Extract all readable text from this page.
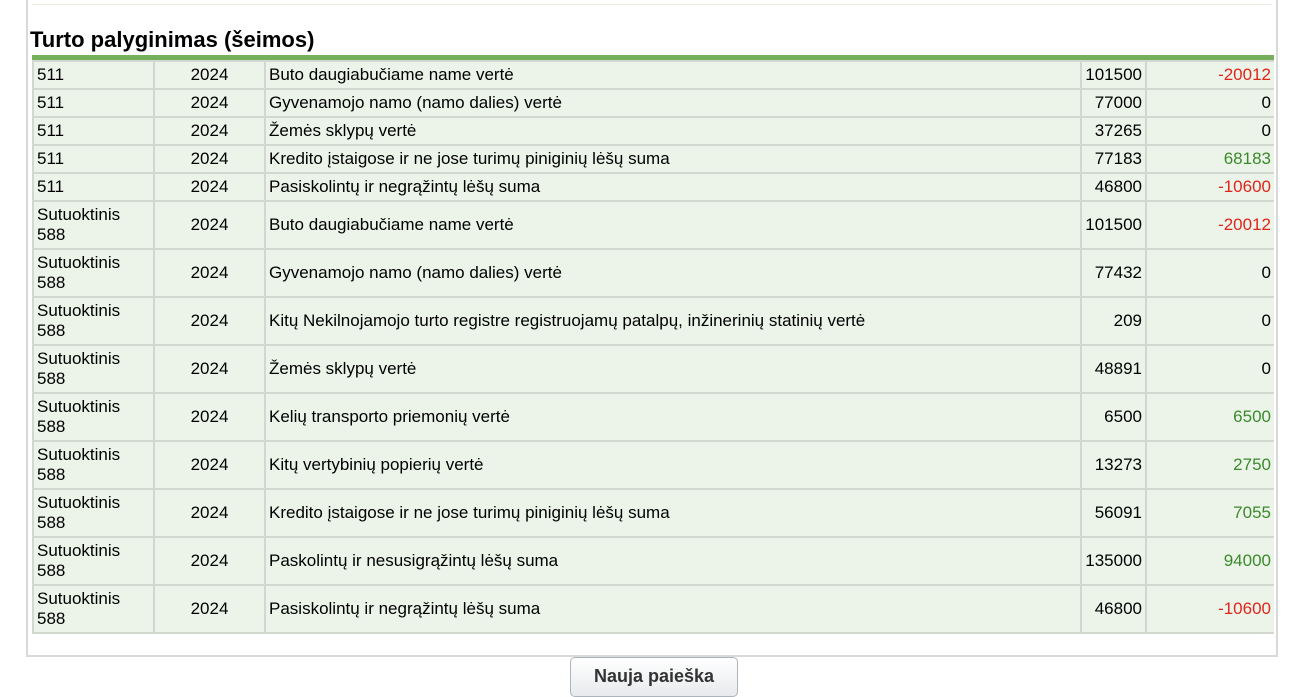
Turto palyginimas (šeimos)
511	2024	Buto daugiabučiame name vertė	101500	-20012
511	2024	Gyvenamojo namo (namo dalies) vertė	77000	0
511	2024	Žemės sklypų vertė	37265	0
511	2024	Kredito įstaigose ir ne jose turimų piniginių lėšų suma	77183	68183
511	2024	Pasiskolintų ir negrąžintų lėšų suma	46800	-10600
Sutuoktinis 588	2024	Buto daugiabučiame name vertė	101500	-20012
Sutuoktinis 588	2024	Gyvenamojo namo (namo dalies) vertė	77432	0
Sutuoktinis 588	2024	Kitų Nekilnojamojo turto registre registruojamų patalpų, inžinerinių statinių vertė	209	0
Sutuoktinis 588	2024	Žemės sklypų vertė	48891	0
Sutuoktinis 588	2024	Kelių transporto priemonių vertė	6500	6500
Sutuoktinis 588	2024	Kitų vertybinių popierių vertė	13273	2750
Sutuoktinis 588	2024	Kredito įstaigose ir ne jose turimų piniginių lėšų suma	56091	7055
Sutuoktinis 588	2024	Paskolintų ir nesusigrąžintų lėšų suma	135000	94000
Sutuoktinis 588	2024	Pasiskolintų ir negrąžintų lėšų suma	46800	-10600
Nauja paieška
